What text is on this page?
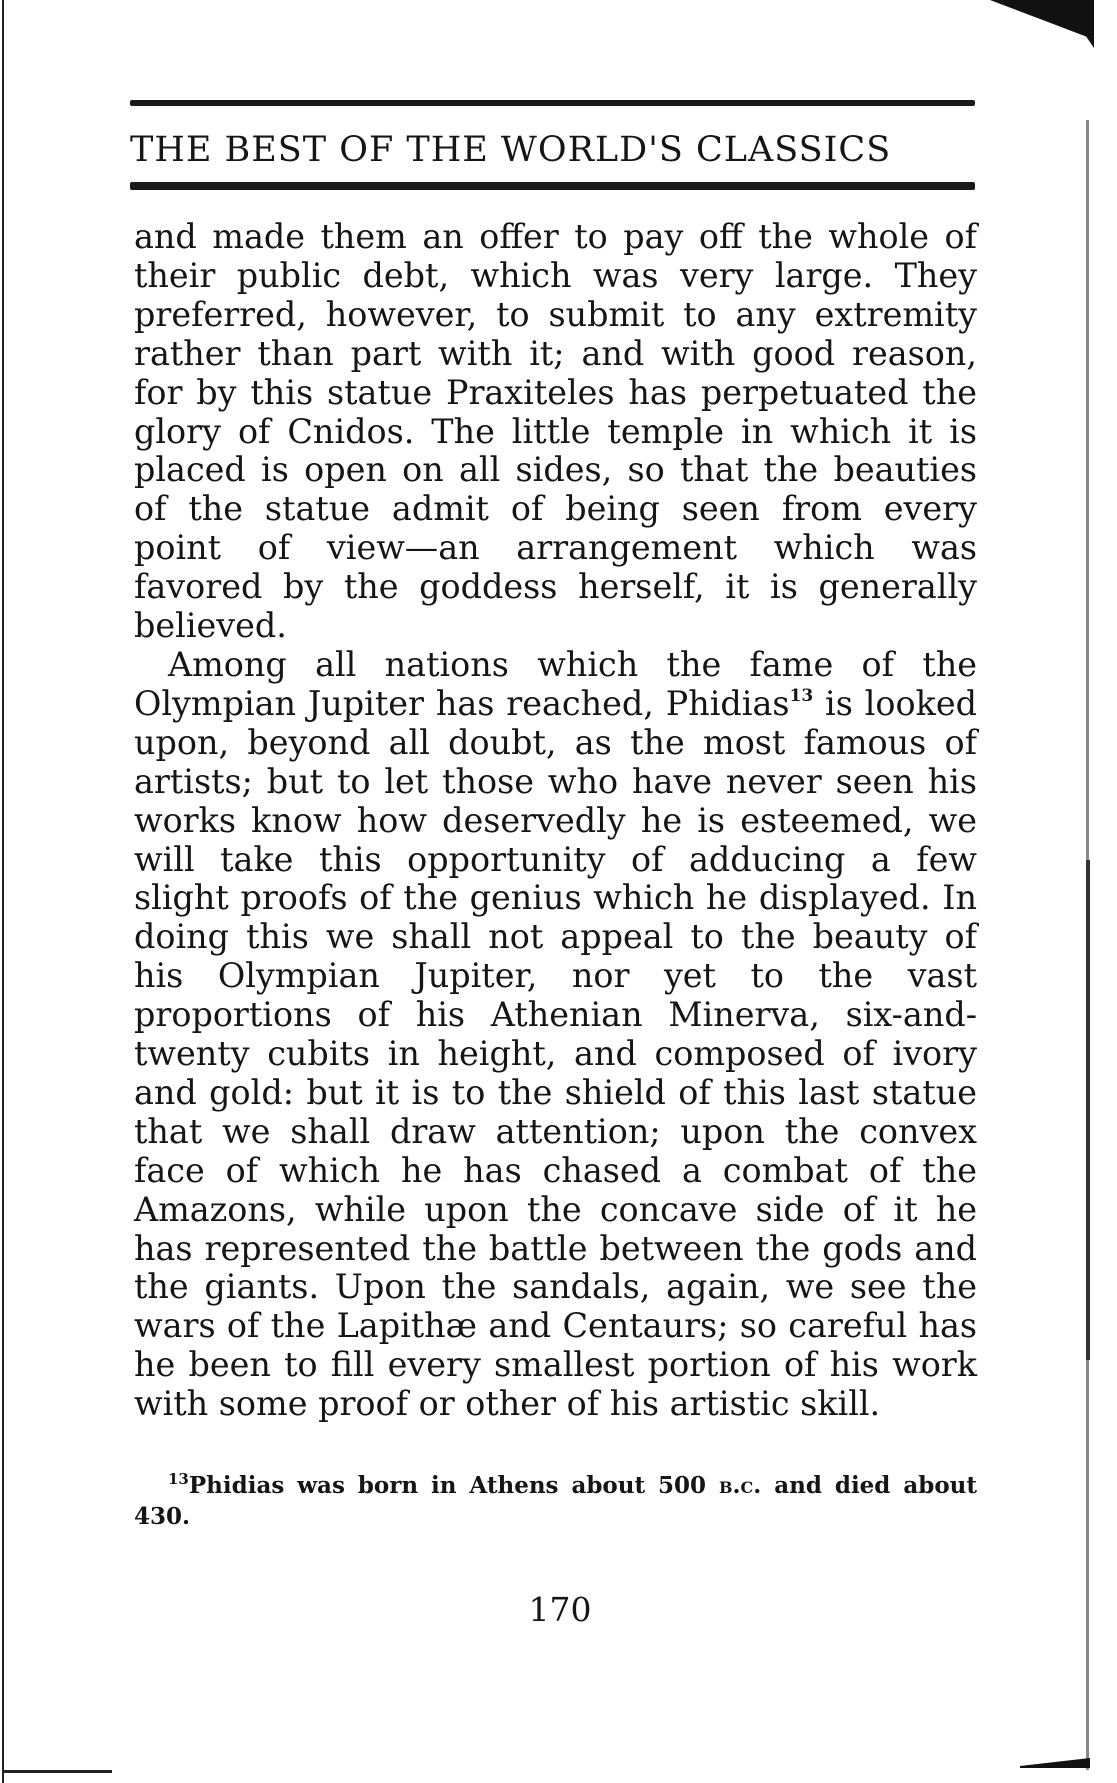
THE BEST OF THE WORLD'S CLASSICS

and made them an offer to pay off the whole of their public debt, which was very large. They preferred, however, to submit to any extremity rather than part with it; and with good reason, for by this statue Praxiteles has perpetuated the glory of Cnidos. The little temple in which it is placed is open on all sides, so that the beauties of the statue admit of being seen from every point of view—an arrangement which was favored by the goddess herself, it is generally believed.

Among all nations which the fame of the Olympian Jupiter has reached, Phidias$^{13}$ is looked upon, beyond all doubt, as the most famous of artists; but to let those who have never seen his works know how deservedly he is esteemed, we will take this opportunity of adducing a few slight proofs of the genius which he displayed. In doing this we shall not appeal to the beauty of his Olympian Jupiter, nor yet to the vast proportions of his Athenian Minerva, six-and-twenty cubits in height, and composed of ivory and gold: but it is to the shield of this last statue that we shall draw attention; upon the convex face of which he has chased a combat of the Amazons, while upon the concave side of it he has represented the battle between the gods and the giants. Upon the sandals, again, we see the wars of the Lapithæ and Centaurs; so careful has he been to fill every smallest portion of his work with some proof or other of his artistic skill.

$^{13}$Phidias was born in Athens about 500 b.c. and died about 430.

170
